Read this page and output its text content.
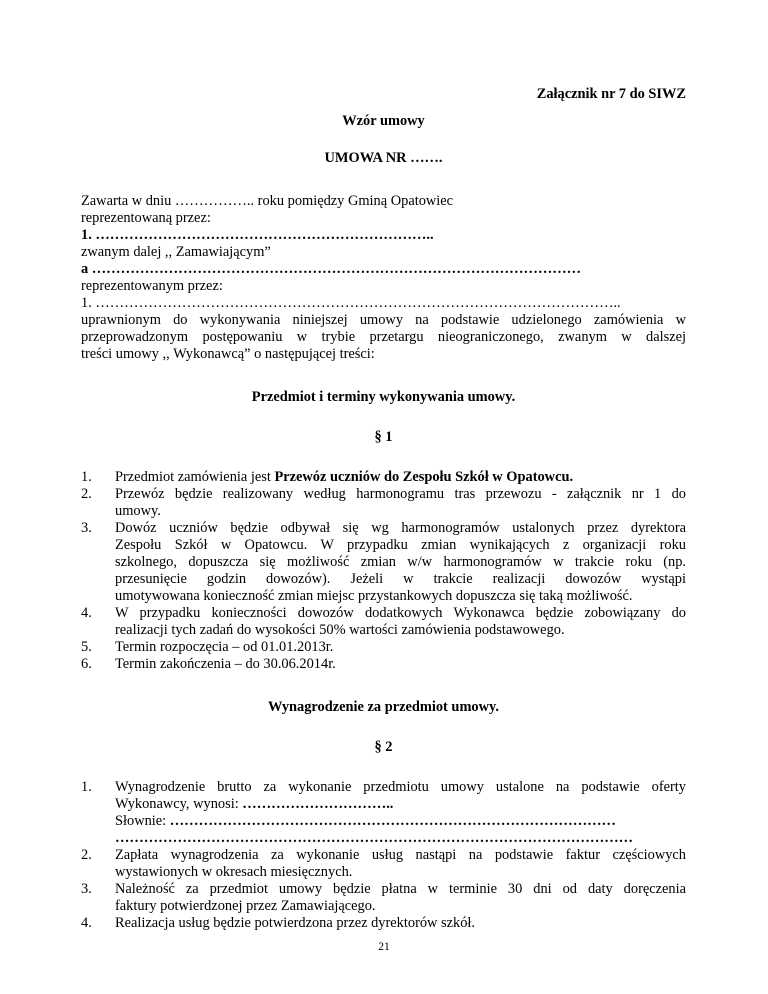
Załącznik nr 7 do SIWZ
Wzór umowy
UMOWA NR …….
Zawarta w dniu …………….. roku pomiędzy Gminą Opatowiec
reprezentowaną przez:
1. ……………………………………………………………..
zwanym dalej ,, Zamawiającym”
a …………………………………………………………………………………………
reprezentowanym przez:
1. ………………………………………………………………………………………………..
uprawnionym do wykonywania niniejszej umowy na podstawie udzielonego zamówienia w
przeprowadzonym postępowaniu w trybie przetargu nieograniczonego, zwanym w dalszej
treści umowy ,, Wykonawcą” o następującej treści:
Przedmiot i terminy wykonywania umowy.
§ 1
1.	Przedmiot zamówienia jest Przewóz uczniów do Zespołu Szkół w Opatowcu.
2.	Przewóz będzie realizowany według harmonogramu tras przewozu - załącznik nr 1 do
umowy.
3.	Dowóz uczniów będzie odbywał się wg harmonogramów ustalonych przez dyrektora
Zespołu Szkół w Opatowcu. W przypadku zmian wynikających z organizacji roku
szkolnego, dopuszcza się możliwość zmian w/w harmonogramów w trakcie roku (np.
przesunięcie godzin dowozów). Jeżeli w trakcie realizacji dowozów wystąpi
umotywowana konieczność zmian miejsc przystankowych dopuszcza się taką możliwość.
4.	W przypadku konieczności dowozów dodatkowych Wykonawca będzie zobowiązany do
realizacji tych zadań do wysokości 50% wartości zamówienia podstawowego.
5.	Termin rozpoczęcia – od 01.01.2013r.
6.	Termin zakończenia – do 30.06.2014r.
Wynagrodzenie za przedmiot umowy.
§ 2
1.	Wynagrodzenie brutto za wykonanie przedmiotu umowy ustalone na podstawie oferty
Wykonawcy, wynosi: …………………………..
Słownie: …………………………………………………………………………………
………………………………………………………………………………………………
2.	Zapłata wynagrodzenia za wykonanie usług nastąpi na podstawie faktur częściowych
wystawionych w okresach miesięcznych.
3.	Należność za przedmiot umowy będzie płatna w terminie 30 dni od daty doręczenia
faktury potwierdzonej przez Zamawiającego.
4.	Realizacja usług będzie potwierdzona przez dyrektorów szkół.
21
